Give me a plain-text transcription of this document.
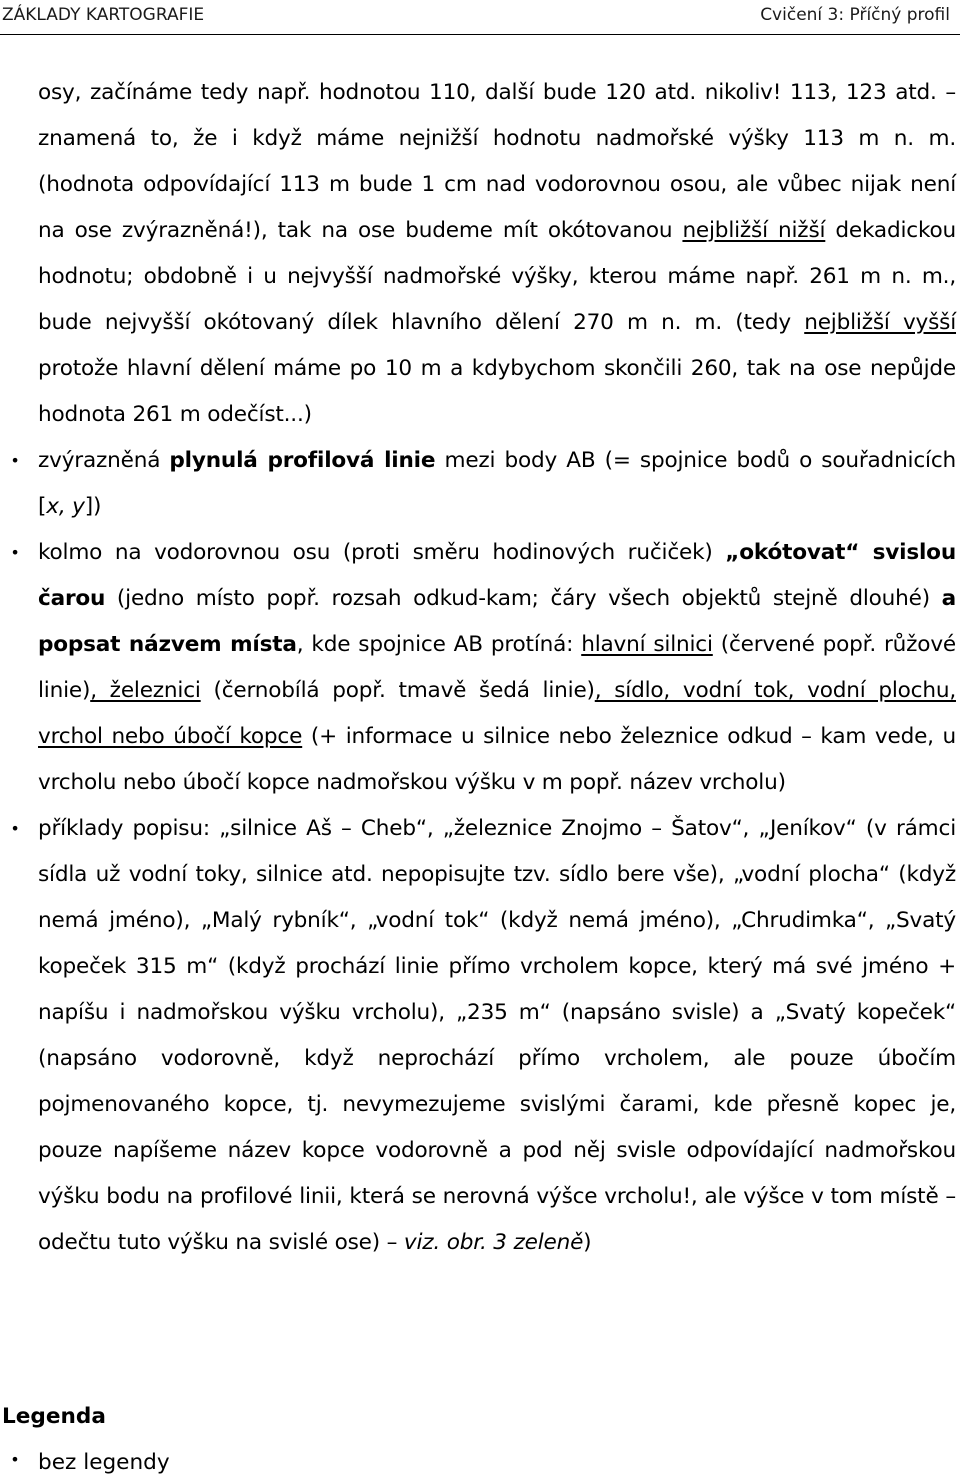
ZÁKLADY KARTOGRAFIE	Cvičení 3: Příčný profil

osy, začínáme tedy např. hodnotou 110, další bude 120 atd. nikoliv! 113, 123 atd. – znamená to, že i když máme nejnižší hodnotu nadmořské výšky 113 m n. m. (hodnota odpovídající 113 m bude 1 cm nad vodorovnou osou, ale vůbec nijak není na ose zvýrazněná!), tak na ose budeme mít okótovanou nejbližší nižší dekadickou hodnotu; obdobně i u nejvyšší nadmořské výšky, kterou máme např. 261 m n. m., bude nejvyšší okótovaný dílek hlavního dělení 270 m n. m. (tedy nejbližší vyšší protože hlavní dělení máme po 10 m a kdybychom skončili 260, tak na ose nepůjde hodnota 261 m odečíst...)

• zvýrazněná plynulá profilová linie mezi body AB (= spojnice bodů o souřadnicích [x, y])
• kolmo na vodorovnou osu (proti směru hodinových ručiček) „okótovat“ svislou čarou (jedno místo popř. rozsah odkud-kam; čáry všech objektů stejně dlouhé) a popsat názvem místa, kde spojnice AB protíná: hlavní silnici (červené popř. růžové linie), železnici (černobílá popř. tmavě šedá linie), sídlo, vodní tok, vodní plochu, vrchol nebo úbočí kopce (+ informace u silnice nebo železnice odkud – kam vede, u vrcholu nebo úbočí kopce nadmořskou výšku v m popř. název vrcholu)
• příklady popisu: „silnice Aš – Cheb“, „železnice Znojmo – Šatov“, „Jeníkov“ (v rámci sídla už vodní toky, silnice atd. nepopisujte tzv. sídlo bere vše), „vodní plocha“ (když nemá jméno), „Malý rybník“, „vodní tok“ (když nemá jméno), „Chrudimka“, „Svatý kopeček 315 m“ (když prochází linie přímo vrcholem kopce, který má své jméno + napíšu i nadmořskou výšku vrcholu), „235 m“ (napsáno svisle) a „Svatý kopeček“ (napsáno vodorovně, když neprochází přímo vrcholem, ale pouze úbočím pojmenovaného kopce, tj. nevymezujeme svislými čarami, kde přesně kopec je, pouze napíšeme název kopce vodorovně a pod něj svisle odpovídající nadmořskou výšku bodu na profilové linii, která se nerovná výšce vrcholu!, ale výšce v tom místě – odečtu tuto výšku na svislé ose) – viz. obr. 3 zeleně)
Legenda
• bez legendy
